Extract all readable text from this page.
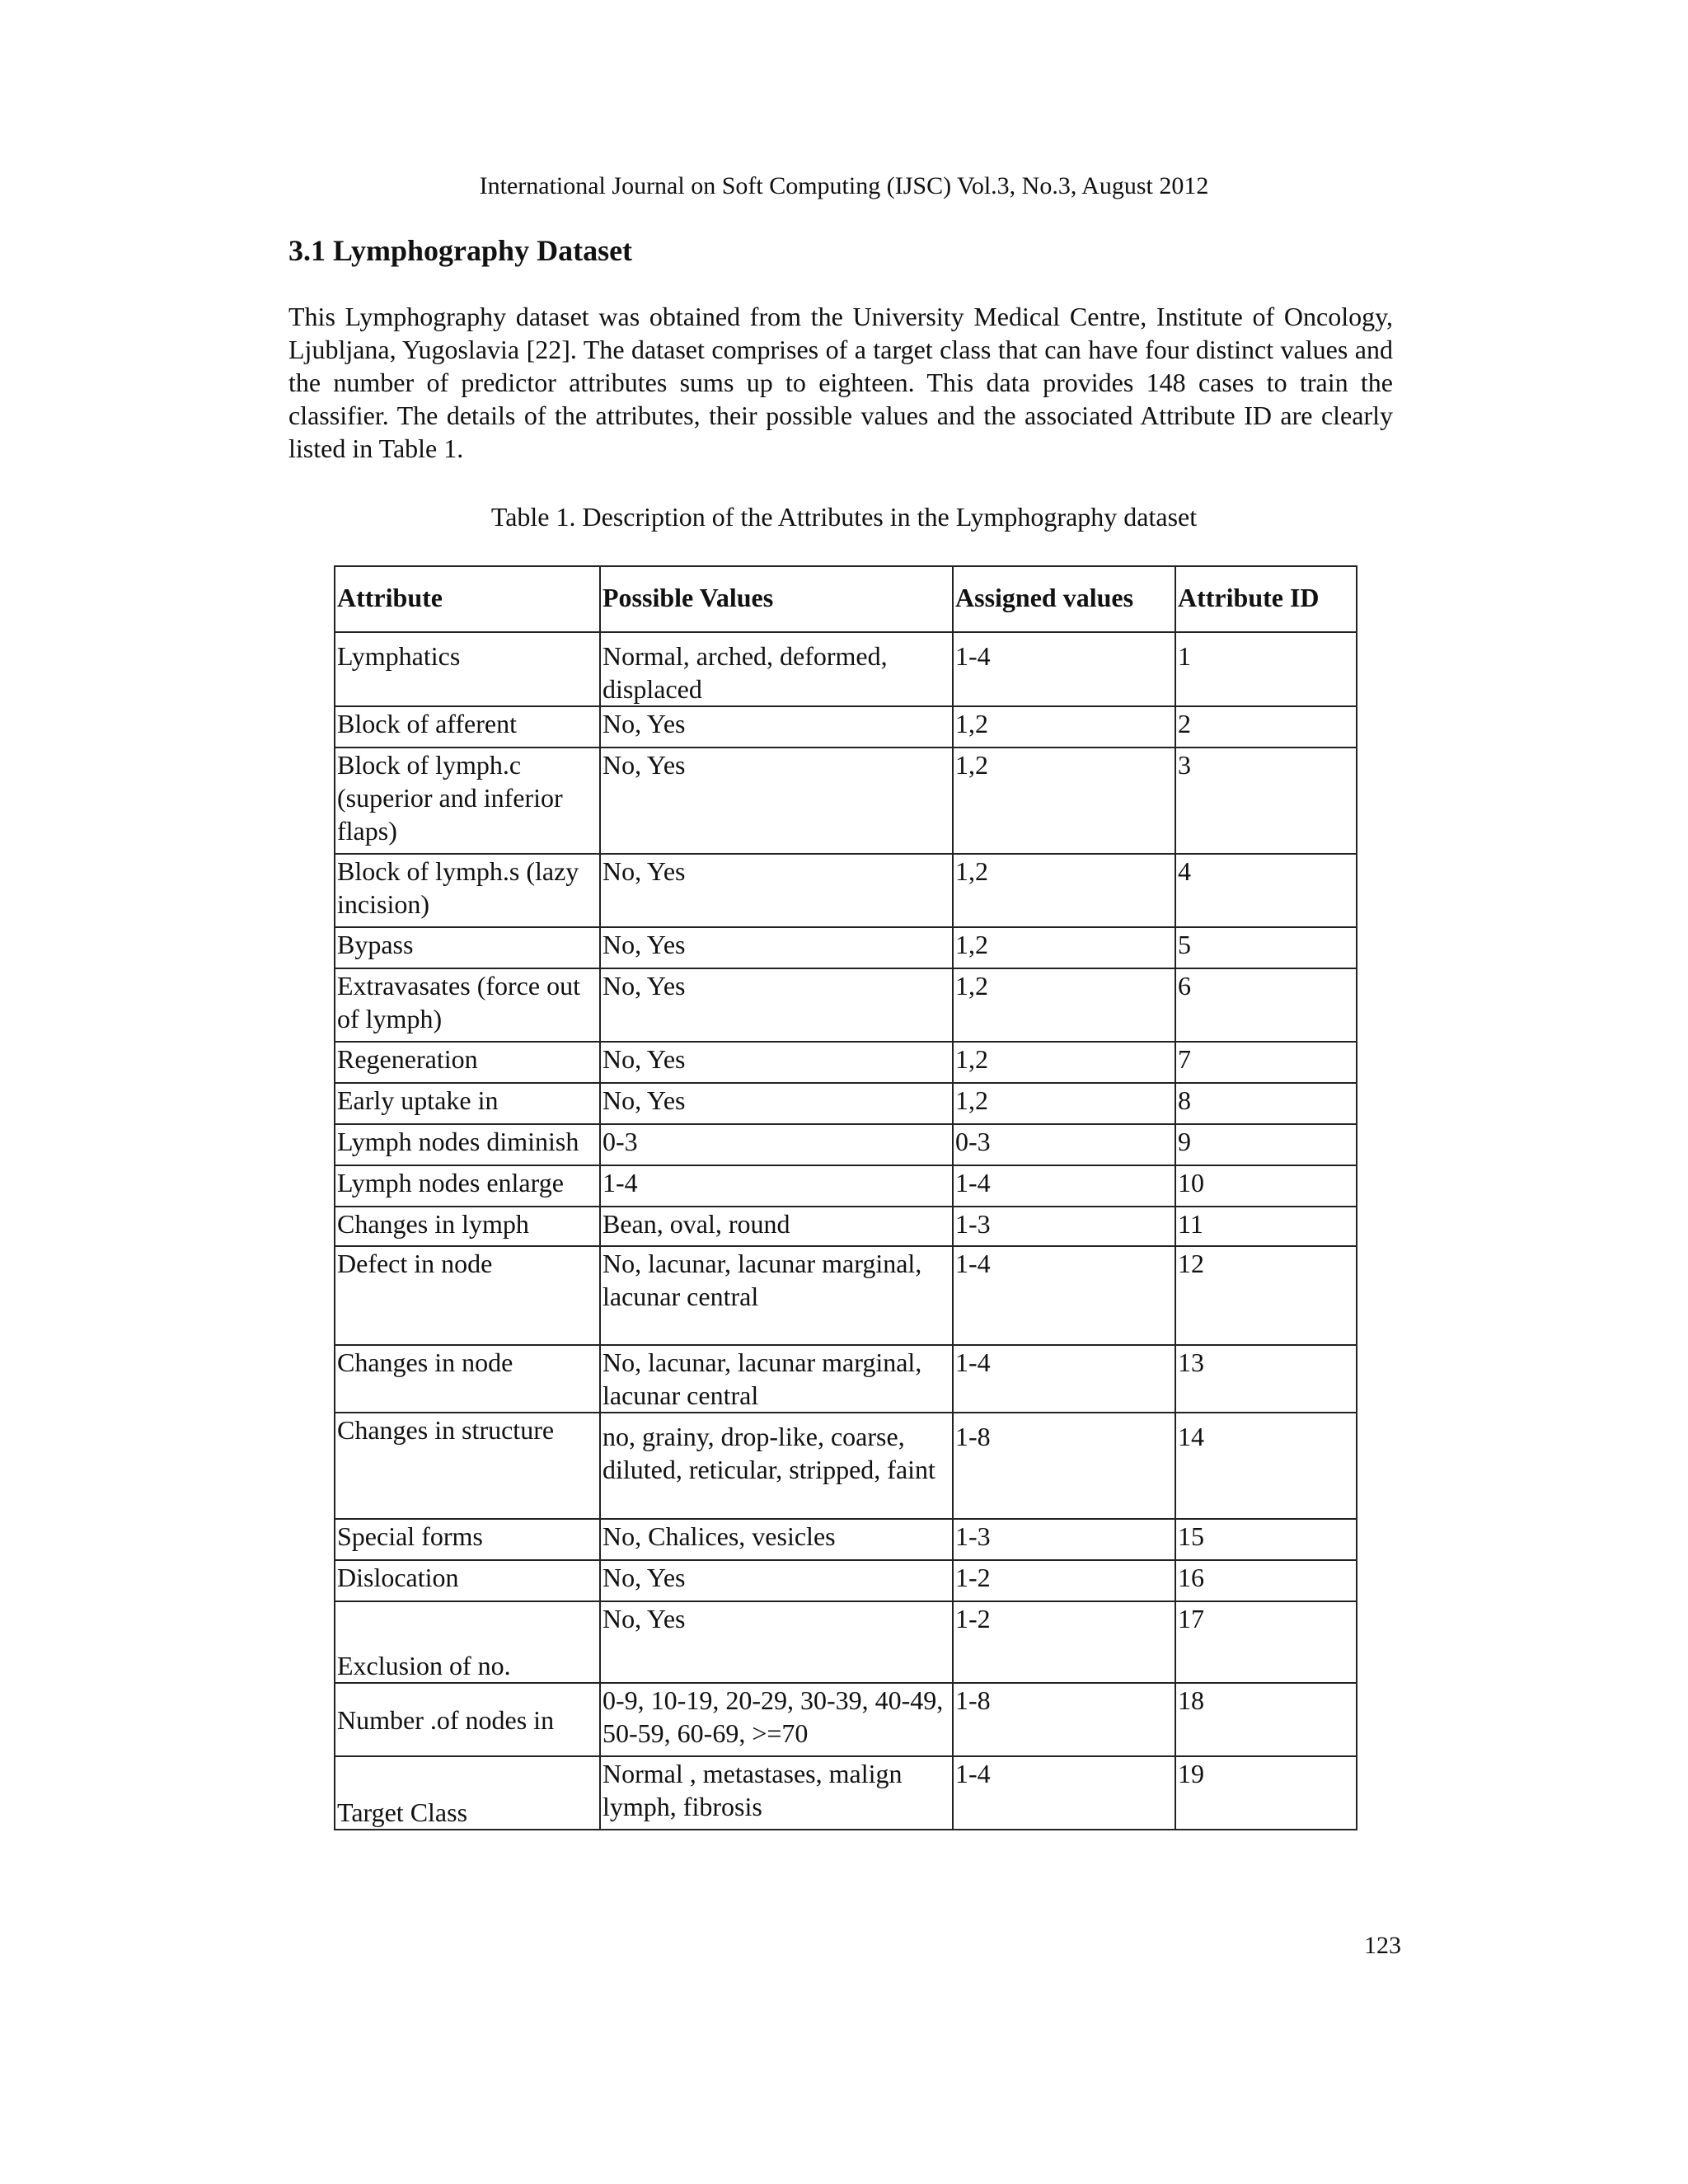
International Journal on Soft Computing (IJSC) Vol.3, No.3, August 2012
3.1 Lymphography Dataset

This Lymphography dataset was obtained from the University Medical Centre, Institute of Oncology, Ljubljana, Yugoslavia [22]. The dataset comprises of a target class that can have four distinct values and the number of predictor attributes sums up to eighteen. This data provides 148 cases to train the classifier. The details of the attributes, their possible values and the associated Attribute ID are clearly listed in Table 1.

Table 1. Description of the Attributes in the Lymphography dataset
Attribute	Possible Values	Assigned values	Attribute ID
Lymphatics	Normal, arched, deformed, displaced	1-4	1
Block of afferent	No, Yes	1,2	2
Block of lymph.c (superior and inferior flaps)	No, Yes	1,2	3
Block of lymph.s (lazy incision)	No, Yes	1,2	4
Bypass	No, Yes	1,2	5
Extravasates (force out of lymph)	No, Yes	1,2	6
Regeneration	No, Yes	1,2	7
Early uptake in	No, Yes	1,2	8
Lymph nodes diminish	0-3	0-3	9
Lymph nodes enlarge	1-4	1-4	10
Changes in lymph	Bean, oval, round	1-3	11
Defect in node	No, lacunar, lacunar marginal, lacunar central	1-4	12
Changes in node	No, lacunar, lacunar marginal, lacunar central	1-4	13
Changes in structure	no, grainy, drop-like, coarse, diluted, reticular, stripped, faint	1-8	14
Special forms	No, Chalices, vesicles	1-3	15
Dislocation	No, Yes	1-2	16
Exclusion of no.	No, Yes	1-2	17
Number .of nodes in	0-9, 10-19, 20-29, 30-39, 40-49, 50-59, 60-69, >=70	1-8	18
Target Class	Normal , metastases, malign lymph, fibrosis	1-4	19
123
